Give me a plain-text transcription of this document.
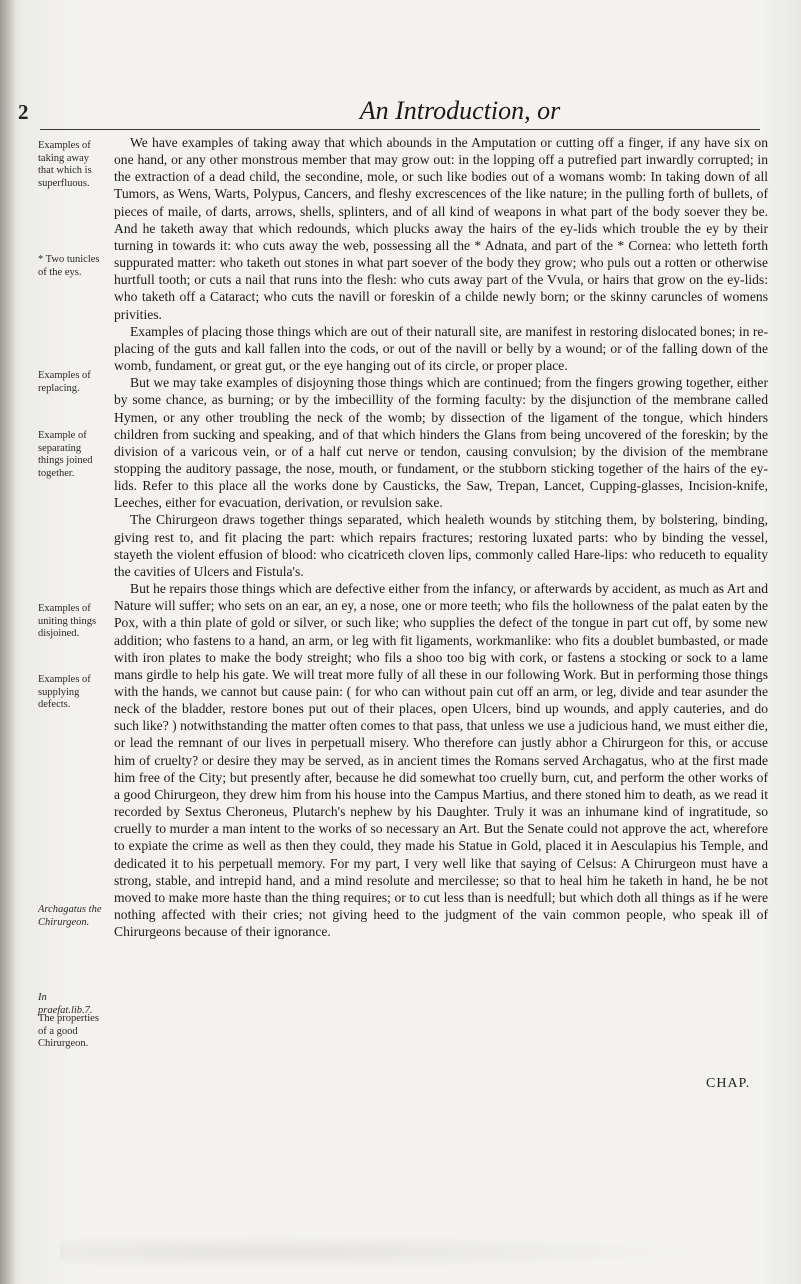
2	An Introduction, or
Examples of taking away that which is superfluous.
* Two tunicles of the eys.
Examples of replacing.
Example of separating things joined together.
Examples of uniting things disjoined.
Examples of supplying defects.
Archagatus the Chirurgeon.
In praefat.lib.7.
The properties of a good Chirurgeon.

We have examples of taking away that which abounds in the Amputation or cutting off a finger, if any have six on one hand, or any other monstrous member that may grow out: in the lopping off a putrefied part inwardly corrupted; in the extraction of a dead child, the secondine, mole, or such like bodies out of a womans womb: In taking down of all Tumors, as Wens, Warts, Polypus, Cancers, and fleshy excrescences of the like nature; in the pulling forth of bullets, of pieces of maile, of darts, arrows, shells, splinters, and of all kind of weapons in what part of the body soever they be. And he taketh away that which redounds, which plucks away the hairs of the ey-lids which trouble the ey by their turning in towards it: who cuts away the web, possessing all the * Adnata, and part of the * Cornea: who letteth forth suppurated matter: who taketh out stones in what part soever of the body they grow; who puls out a rotten or otherwise hurtfull tooth; or cuts a nail that runs into the flesh: who cuts away part of the Vvula, or hairs that grow on the ey-lids: who taketh off a Cataract; who cuts the navill or foreskin of a childe newly born; or the skinny caruncles of womens privities.

Examples of placing those things which are out of their naturall site, are manifest in restoring dislocated bones; in re-placing of the guts and kall fallen into the cods, or out of the navill or belly by a wound; or of the falling down of the womb, fundament, or great gut, or the eye hanging out of its circle, or proper place.

But we may take examples of disjoyning those things which are continued; from the fingers growing together, either by some chance, as burning; or by the imbecillity of the forming faculty: by the disjunction of the membrane called Hymen, or any other troubling the neck of the womb; by dissection of the ligament of the tongue, which hinders children from sucking and speaking, and of that which hinders the Glans from being uncovered of the foreskin; by the division of a varicous vein, or of a half cut nerve or tendon, causing convulsion; by the division of the membrane stopping the auditory passage, the nose, mouth, or fundament, or the stubborn sticking together of the hairs of the ey-lids. Refer to this place all the works done by Causticks, the Saw, Trepan, Lancet, Cupping-glasses, Incision-knife, Leeches, either for evacuation, derivation, or revulsion sake.

The Chirurgeon draws together things separated, which healeth wounds by stitching them, by bolstering, binding, giving rest to, and fit placing the part: which repairs fractures; restoring luxated parts: who by binding the vessel, stayeth the violent effusion of blood: who cicatriceth cloven lips, commonly called Hare-lips: who reduceth to equality the cavities of Ulcers and Fistula's.

But he repairs those things which are defective either from the infancy, or afterwards by accident, as much as Art and Nature will suffer; who sets on an ear, an ey, a nose, one or more teeth; who fils the hollowness of the palat eaten by the Pox, with a thin plate of gold or silver, or such like; who supplies the defect of the tongue in part cut off, by some new addition; who fastens to a hand, an arm, or leg with fit ligaments, workmanlike: who fits a doublet bumbasted, or made with iron plates to make the body streight; who fils a shoo too big with cork, or fastens a stocking or sock to a lame mans girdle to help his gate. We will treat more fully of all these in our following Work. But in performing those things with the hands, we cannot but cause pain: ( for who can without pain cut off an arm, or leg, divide and tear asunder the neck of the bladder, restore bones put out of their places, open Ulcers, bind up wounds, and apply cauteries, and do such like? ) notwithstanding the matter often comes to that pass, that unless we use a judicious hand, we must either die, or lead the remnant of our lives in perpetuall misery. Who therefore can justly abhor a Chirurgeon for this, or accuse him of cruelty? or desire they may be served, as in ancient times the Romans served Archagatus, who at the first made him free of the City; but presently after, because he did somewhat too cruelly burn, cut, and perform the other works of a good Chirurgeon, they drew him from his house into the Campus Martius, and there stoned him to death, as we read it recorded by Sextus Cheroneus, Plutarch's nephew by his Daughter. Truly it was an inhumane kind of ingratitude, so cruelly to murder a man intent to the works of so necessary an Art. But the Senate could not approve the act, wherefore to expiate the crime as well as then they could, they made his Statue in Gold, placed it in Aesculapius his Temple, and dedicated it to his perpetuall memory. For my part, I very well like that saying of Celsus: A Chirurgeon must have a strong, stable, and intrepid hand, and a mind resolute and mercilesse; so that to heal him he taketh in hand, he be not moved to make more haste than the thing requires; or to cut less than is needfull; but which doth all things as if he were nothing affected with their cries; not giving heed to the judgment of the vain common people, who speak ill of Chirurgeons because of their ignorance.

CHAP.
